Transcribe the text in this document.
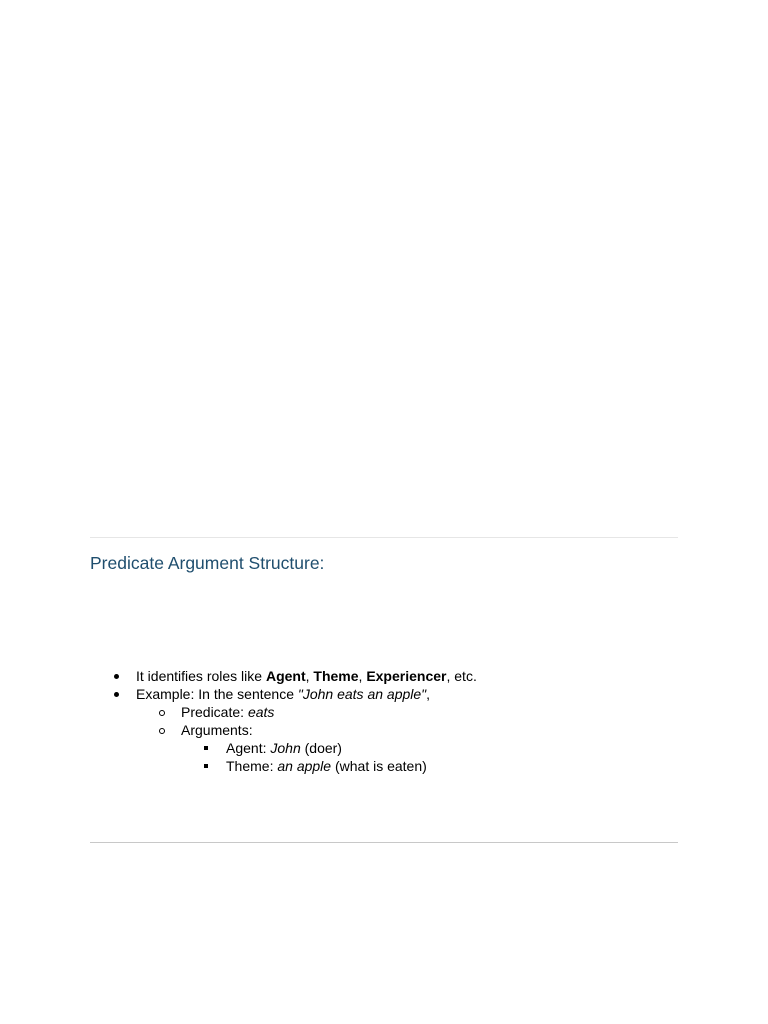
Predicate Argument Structure:
It identifies roles like Agent, Theme, Experiencer, etc.
Example: In the sentence "John eats an apple",
Predicate: eats
Arguments:
Agent: John (doer)
Theme: an apple (what is eaten)
